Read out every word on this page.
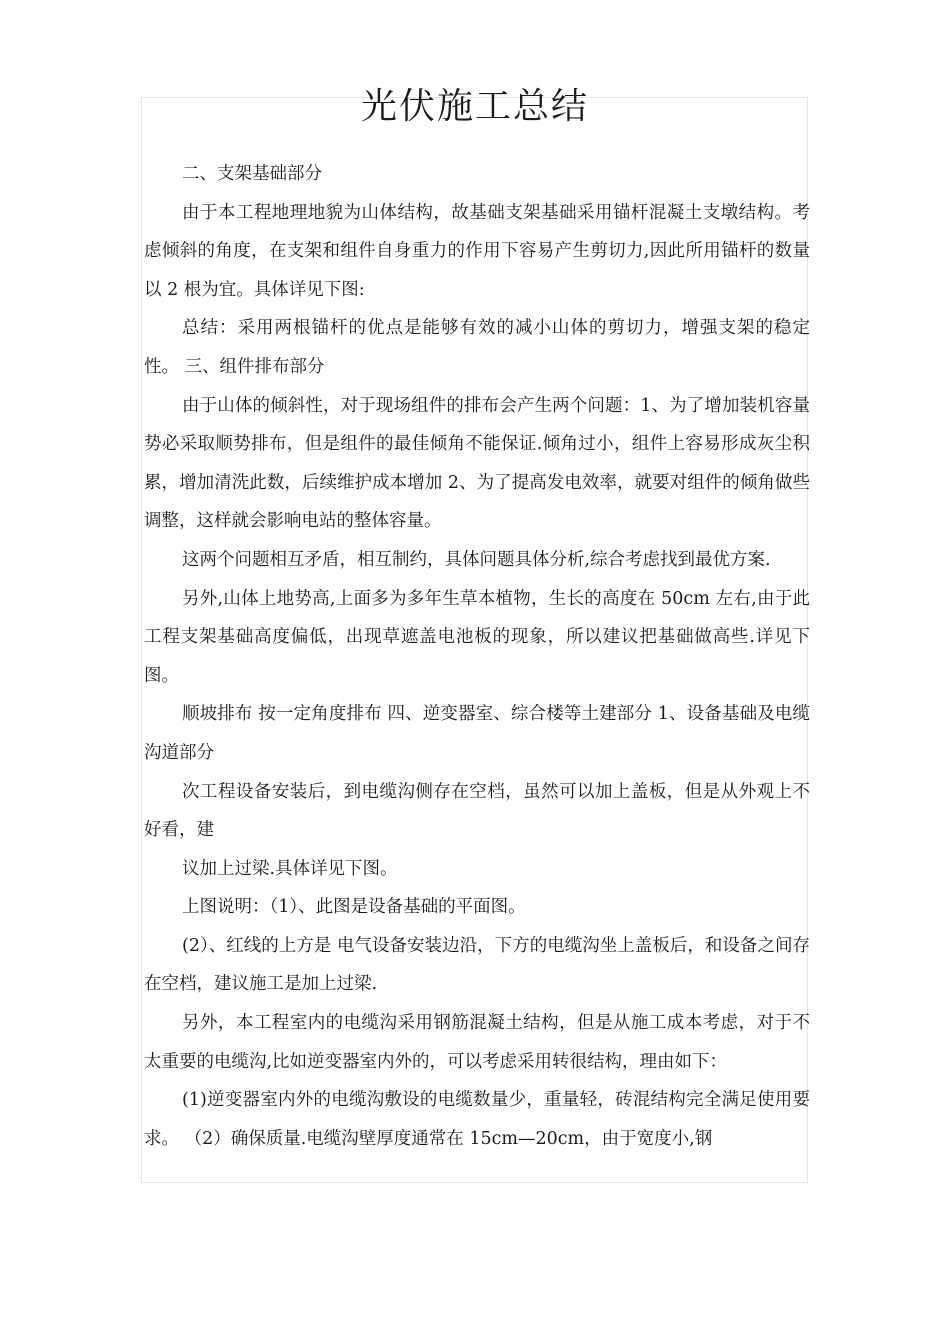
光伏施工总结

二、支架基础部分

由于本工程地理地貌为山体结构，故基础支架基础采用锚杆混凝土支墩结构。考虑倾斜的角度，在支架和组件自身重力的作用下容易产生剪切力,因此所用锚杆的数量以 2 根为宜。具体详见下图:

总结：采用两根锚杆的优点是能够有效的减小山体的剪切力，增强支架的稳定性。 三、组件排布部分

由于山体的倾斜性，对于现场组件的排布会产生两个问题：1、为了增加装机容量势必采取顺势排布，但是组件的最佳倾角不能保证.倾角过小，组件上容易形成灰尘积累，增加清洗此数，后续维护成本增加 2、为了提高发电效率，就要对组件的倾角做些调整，这样就会影响电站的整体容量。

这两个问题相互矛盾，相互制约，具体问题具体分析,综合考虑找到最优方案.

另外,山体上地势高,上面多为多年生草本植物，生长的高度在 50cm 左右,由于此工程支架基础高度偏低，出现草遮盖电池板的现象，所以建议把基础做高些.详见下图。

顺坡排布 按一定角度排布 四、逆变器室、综合楼等土建部分 1、设备基础及电缆沟道部分

次工程设备安装后，到电缆沟侧存在空档，虽然可以加上盖板，但是从外观上不好看，建

议加上过梁.具体详见下图。

上图说明：（1）、此图是设备基础的平面图。

(2）、红线的上方是 电气设备安装边沿，下方的电缆沟坐上盖板后，和设备之间存在空档，建议施工是加上过梁.

另外，本工程室内的电缆沟采用钢筋混凝土结构，但是从施工成本考虑，对于不太重要的电缆沟,比如逆变器室内外的，可以考虑采用转很结构，理由如下：

(1)逆变器室内外的电缆沟敷设的电缆数量少，重量轻，砖混结构完全满足使用要求。 （2）确保质量.电缆沟壁厚度通常在 15cm—20cm，由于宽度小,钢
